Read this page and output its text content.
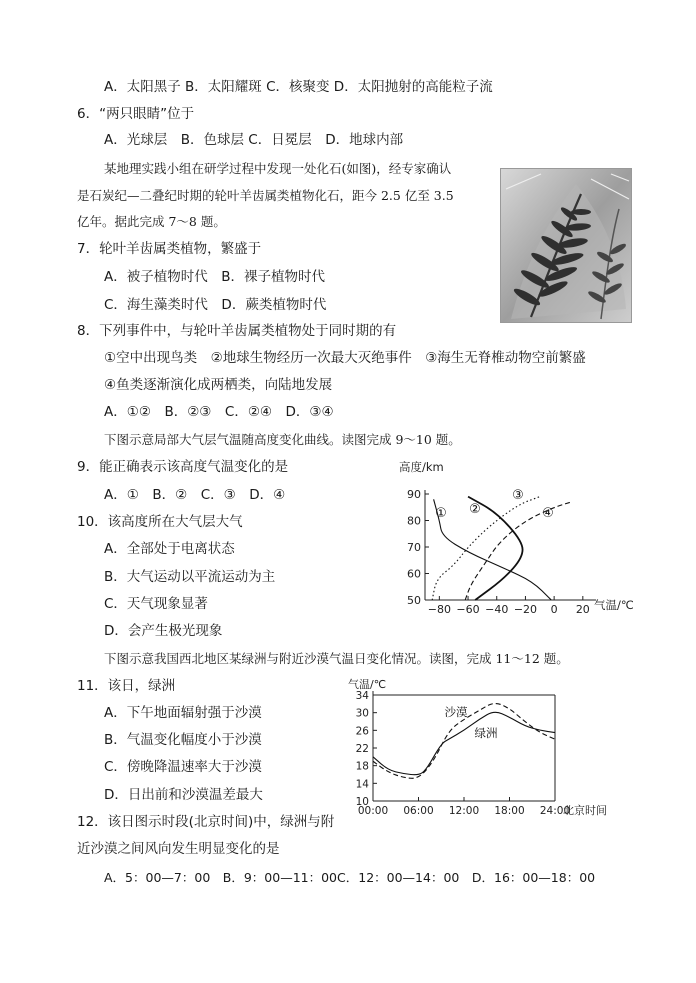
A．太阳黑子 B．太阳耀斑 C．核聚变 D．太阳抛射的高能粒子流
6．“两只眼睛”位于
A．光球层　B．色球层 C．日冕层　D．地球内部
某地理实践小组在研学过程中发现一处化石(如图)，经专家确认
是石炭纪—二叠纪时期的轮叶羊齿属类植物化石，距今 2.5 亿至 3.5
亿年。据此完成 7～8 题。
7．轮叶羊齿属类植物，繁盛于
A．被子植物时代　B．裸子植物时代
C．海生藻类时代　D．蕨类植物时代
8．下列事件中，与轮叶羊齿属类植物处于同时期的有
①空中出现鸟类　②地球生物经历一次最大灭绝事件　③海生无脊椎动物空前繁盛
④鱼类逐渐演化成两栖类，向陆地发展
A．①②　B．②③　C．②④　D．③④
下图示意局部大气层气温随高度变化曲线。读图完成 9～10 题。
9．能正确表示该高度气温变化的是
A．①　B．②　C．③　D．④
10．该高度所在大气层大气
A．全部处于电离状态
B．大气运动以平流运动为主
C．天气现象显著
D．会产生极光现象
下图示意我国西北地区某绿洲与附近沙漠气温日变化情况。读图，完成 11～12 题。
11．该日，绿洲
A．下午地面辐射强于沙漠
B．气温变化幅度小于沙漠
C．傍晚降温速率大于沙漠
D．日出前和沙漠温差最大
12．该日图示时段(北京时间)中，绿洲与附
近沙漠之间风向发生明显变化的是
A．5：00—7：00　B．9：00—11：00C．12：00—14：00　D．16：00—18：00
50
60
70
80
90
−80 −60 −40 −20 0 20
高度/km
气温/℃
① ②
③
④
10
14
18
22
26
30
34
00:00 06:00 12:00 18:00 24:00
气温/℃
北京时间
沙漠
绿洲
